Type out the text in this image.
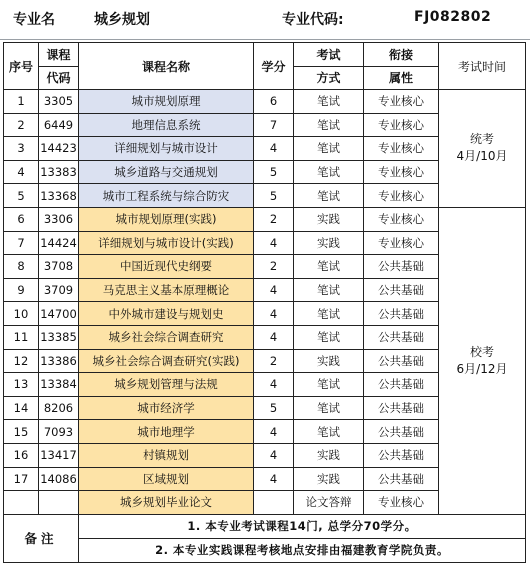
专业名	城乡规划	专业代码:	FJ082802
序号	课程	课程名称	学分	考试	衔接	考试时间
	代码			方式	属性	
1	3305	城市规划原理	6	笔试	专业核心	统考
4月/10月

2	6449	地理信息系统	7	笔试	专业核心	
3	14423	详细规划与城市设计	4	笔试	专业核心	
4	13383	城乡道路与交通规划	5	笔试	专业核心	
5	13368	城市工程系统与综合防灾	5	笔试	专业核心	
6	3306	城市规划原理(实践)	2	实践	专业核心	校考
6月/12月

7	14424	详细规划与城市设计(实践)	4	实践	专业核心	
8	3708	中国近现代史纲要	2	笔试	公共基础	
9	3709	马克思主义基本原理概论	4	笔试	公共基础	
10	14700	中外城市建设与规划史	4	笔试	公共基础	
11	13385	城乡社会综合调查研究	4	笔试	公共基础	
12	13386	城乡社会综合调查研究(实践)	2	实践	公共基础	
13	13384	城乡规划管理与法规	4	笔试	公共基础	
14	8206	城市经济学	5	笔试	公共基础	
15	7093	城市地理学	4	笔试	公共基础	
16	13417	村镇规划	4	实践	公共基础	
17	14086	区域规划	4	实践	公共基础	
		城乡规划毕业论文		论文答辩	专业核心	
备注		1. 本专业考试课程14门, 总学分70学分。				
		2. 本专业实践课程考核地点安排由福建教育学院负责。				
